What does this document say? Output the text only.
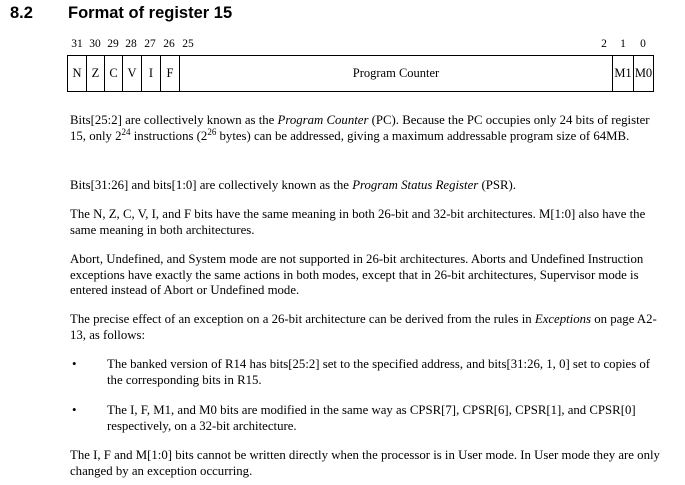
8.2 Format of register 15
31 30 29 28 27 26 25	2	1	0
N Z C V I	F	Program Counter	M1 M0

Bits[25:2] are collectively known as the Program Counter (PC). Because the PC occupies only 24 bits of register 15, only $2^{24}$ instructions ($2^{26}$ bytes) can be addressed, giving a maximum addressable program size of 64MB.

Bits[31:26] and bits[1:0] are collectively known as the Program Status Register (PSR).

The N, Z, C, V, I, and F bits have the same meaning in both 26-bit and 32-bit architectures. M[1:0] also have the same meaning in both architectures.

Abort, Undefined, and System mode are not supported in 26-bit architectures. Aborts and Undefined Instruction exceptions have exactly the same actions in both modes, except that in 26-bit architectures, Supervisor mode is entered instead of Abort or Undefined mode.

The precise effect of an exception on a 26-bit architecture can be derived from the rules in Exceptions on page A2-13, as follows:

• The banked version of R14 has bits[25:2] set to the specified address, and bits[31:26, 1, 0] set to copies of the corresponding bits in R15.
• The I, F, M1, and M0 bits are modified in the same way as CPSR[7], CPSR[6], CPSR[1], and CPSR[0] respectively, on a 32-bit architecture.

The I, F and M[1:0] bits cannot be written directly when the processor is in User mode. In User mode they are only changed by an exception occurring.
